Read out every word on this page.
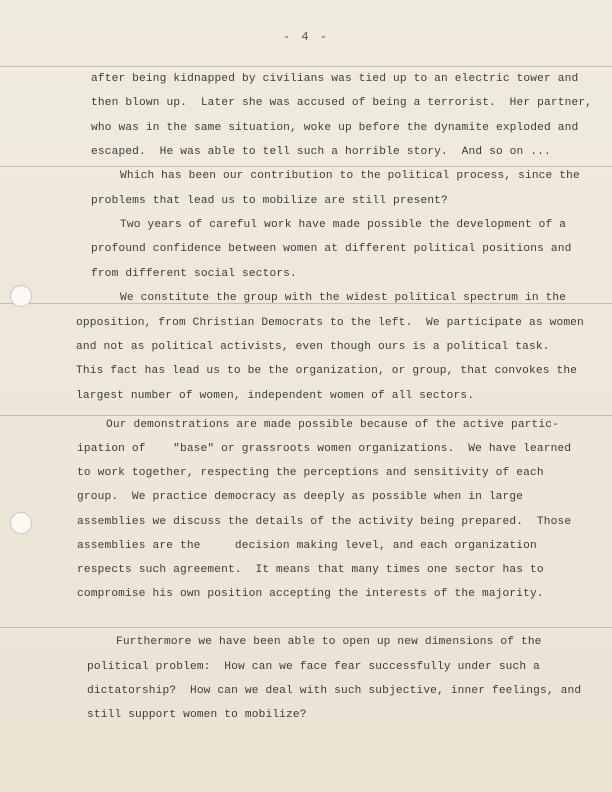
- 4 -
after being kidnapped by civilians was tied up to an electric tower and
then blown up.  Later she was accused of being a terrorist.  Her partner,
who was in the same situation, woke up before the dynamite exploded and
escaped.  He was able to tell such a horrible story.  And so on ...
Which has been our contribution to the political process, since the
problems that lead us to mobilize are still present?
Two years of careful work have made possible the development of a
profound confidence between women at different political positions and
from different social sectors.
We constitute the group with the widest political spectrum in the
opposition, from Christian Democrats to the left.  We participate as women
and not as political activists, even though ours is a political task.
This fact has lead us to be the organization, or group, that convokes the
largest number of women, independent women of all sectors.
Our demonstrations are made possible because of the active partic-
ipation of    "base" or grassroots women organizations.  We have learned
to work together, respecting the perceptions and sensitivity of each
group.  We practice democracy as deeply as possible when in large
assemblies we discuss the details of the activity being prepared.  Those
assemblies are the     decision making level, and each organization
respects such agreement.  It means that many times one sector has to
compromise his own position accepting the interests of the majority.
Furthermore we have been able to open up new dimensions of the
political problem:  How can we face fear successfully under such a
dictatorship?  How can we deal with such subjective, inner feelings, and
still support women to mobilize?
